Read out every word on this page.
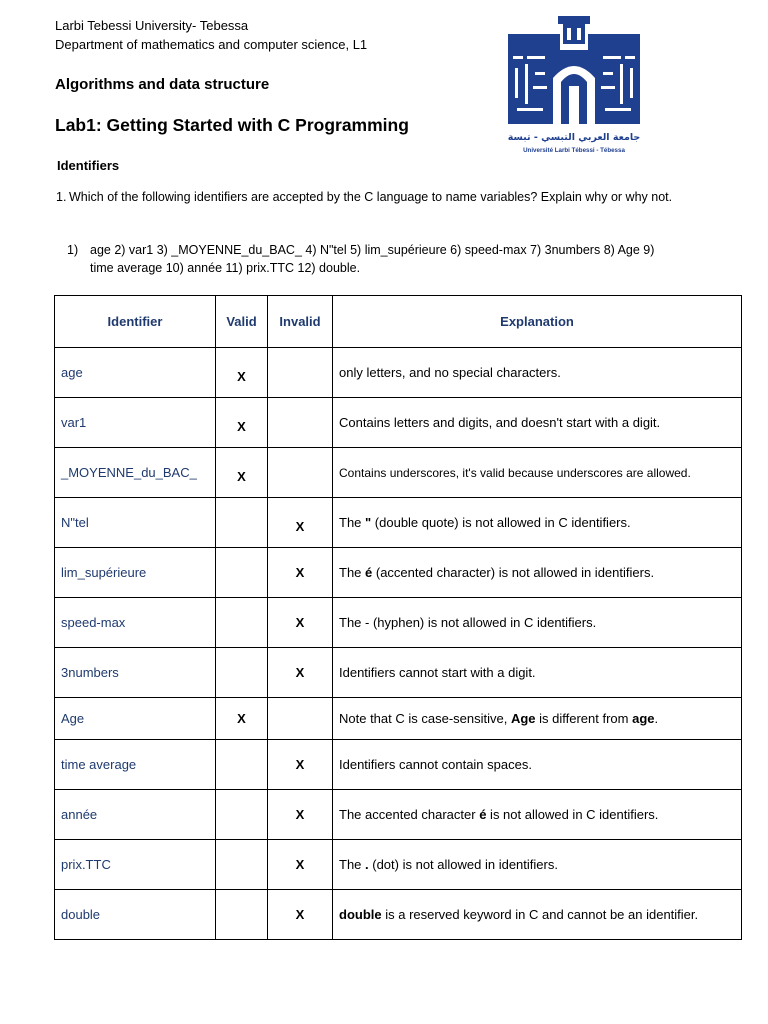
Larbi Tebessi University- Tebessa
Department of mathematics and computer science, L1
Algorithms and data structure
Lab1: Getting Started with C Programming
Identifiers
1. Which of the following identifiers are accepted by the C language to name variables? Explain why or why not.
1) age 2) var1 3) _MOYENNE_du_BAC_ 4) N"tel 5) lim_supérieure 6) speed-max 7) 3numbers 8) Age 9) time average 10) année 11) prix.TTC 12) double.
جامعة العربي التبسي - تبسة
Université Larbi Tébessi - Tébessa
Identifier	Valid	Invalid	Explanation
age	X		only letters, and no special characters.
var1	X		Contains letters and digits, and doesn't start with a digit.
_MOYENNE_du_BAC_	X		Contains underscores, it's valid because underscores are allowed.
N"tel		X	The " (double quote) is not allowed in C identifiers.
lim_supérieure		X	The é (accented character) is not allowed in identifiers.
speed-max		X	The - (hyphen) is not allowed in C identifiers.
3numbers		X	Identifiers cannot start with a digit.
Age	X		Note that C is case-sensitive, Age is different from age.
time average		X	Identifiers cannot contain spaces.
année		X	The accented character é is not allowed in C identifiers.
prix.TTC		X	The . (dot) is not allowed in identifiers.
double		X	double is a reserved keyword in C and cannot be an identifier.
